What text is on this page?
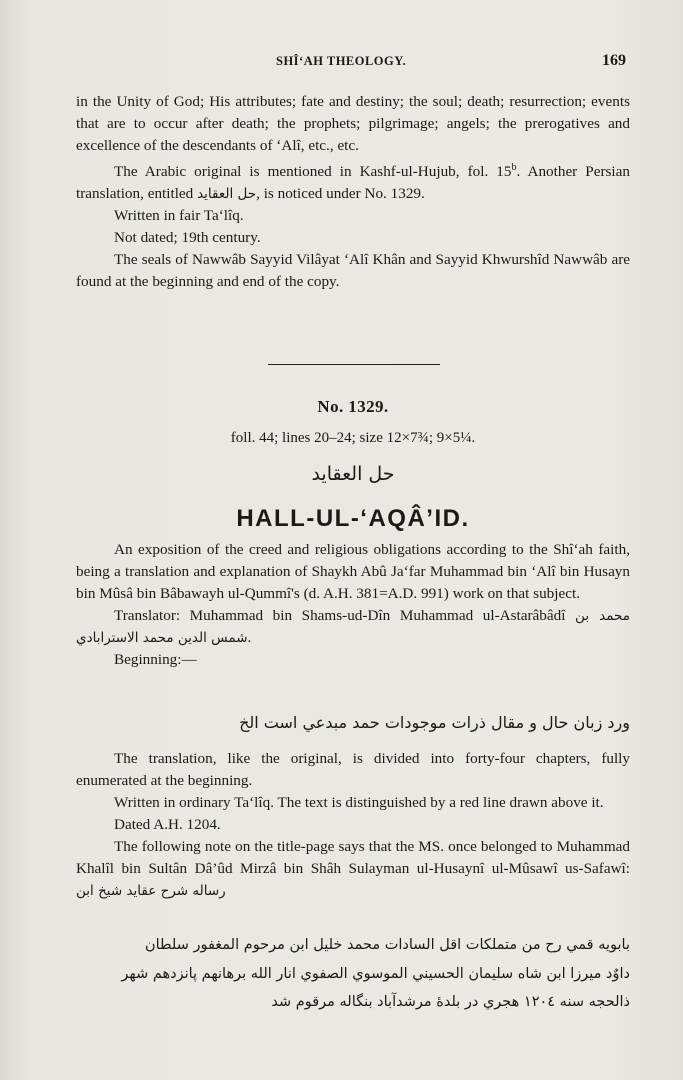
SHÎ‘AH THEOLOGY.	169

in the Unity of God; His attributes; fate and destiny; the soul; death; resurrection; events that are to occur after death; the prophets; pilgrimage; angels; the prerogatives and excellence of the descendants of ‘Alî, etc., etc.

The Arabic original is mentioned in Kashf-ul-Hujub, fol. 15$^b$. Another Persian translation, entitled حل العقايد, is noticed under No. 1329.

Written in fair Ta‘lîq.

Not dated; 19th century.

The seals of Nawwâb Sayyid Vilâyat ‘Alî Khân and Sayyid Khwurshîd Nawwâb are found at the beginning and end of the copy.

No. 1329.
foll. 44; lines 20–24; size 12×7¾; 9×5¼.
حل العقايد
HALL-UL-‘AQÂ’ID.

An exposition of the creed and religious obligations according to the Shî‘ah faith, being a translation and explanation of Shaykh Abû Ja‘far Muhammad bin ‘Alî bin Husayn bin Mûsâ bin Bâbawayh ul-Qummî's (d. A.H. 381=A.D. 991) work on that subject.

Translator: Muhammad bin Shams-ud-Dîn Muhammad ul-Astarâbâdî محمد بن شمس الدين محمد الاسترابادي.

Beginning:—

ورد زبان حال و مقال ذرات موجودات حمد مبدعي است الخ

The translation, like the original, is divided into forty-four chapters, fully enumerated at the beginning.

Written in ordinary Ta‘lîq. The text is distinguished by a red line drawn above it.

Dated A.H. 1204.

The following note on the title-page says that the MS. once belonged to Muhammad Khalîl bin Sultân Dâ’ûd Mirzâ bin Shâh Sulayman ul-Husaynî ul-Mûsawî us-Safawî: رساله شرح عقايد شيخ ابن

بابويه قمي رح من متملكات اقل السادات محمد خليل ابن مرحوم المغفور سلطان
داوٌد ميرزا ابن شاه سليمان الحسيني الموسوي الصفوي انار الله برهانهم پانزدهم شهر
ذالحجه سنه ١٢٠٤ هجري در بلدهٔ مرشدآباد بنگاله مرقوم شد
